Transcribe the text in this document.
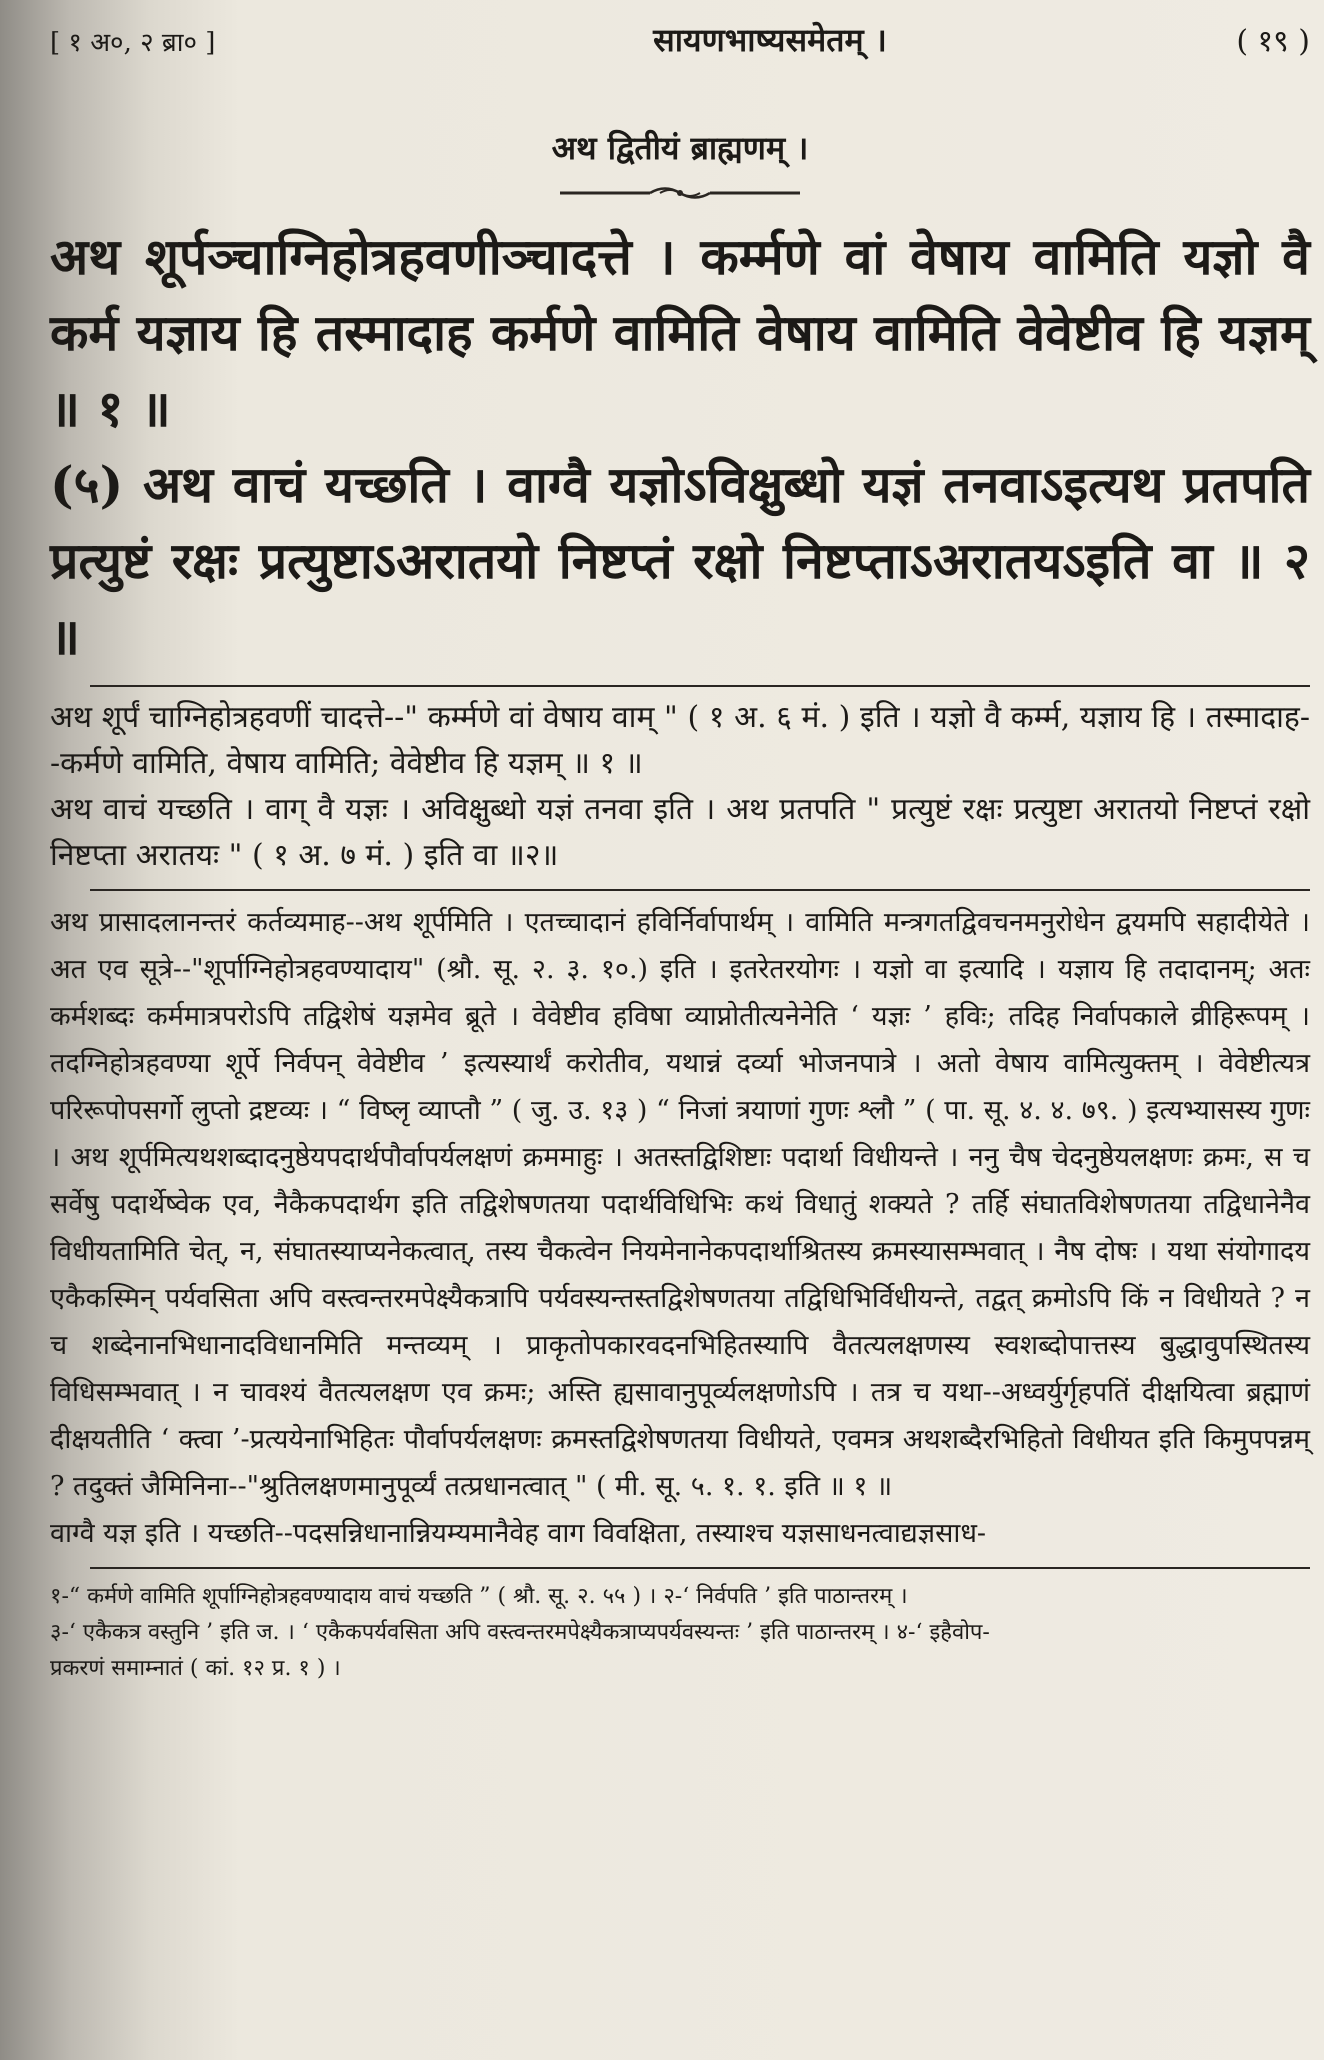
[ १ अ०, २ ब्रा० ]	सायणभाष्यसमेतम् ।	( १९ )
अथ द्वितीयं ब्राह्मणम् ।

अथ शूर्पञ्चाग्निहोत्रहवणीञ्चादत्ते । कर्म्मणे वां वेषाय वामिति यज्ञो वै कर्म यज्ञाय हि तस्मादाह कर्मणे वामिति वेषाय वामिति वेवेष्टीव हि यज्ञम् ॥ १ ॥

(५) अथ वाचं यच्छति । वाग्वै यज्ञोऽविक्षुब्धो यज्ञं तनवाऽइत्यथ प्रतपति प्रत्युष्टं रक्षः प्रत्युष्टाऽअरातयो निष्टप्तं रक्षो निष्टप्ताऽअरातयऽइति वा ॥ २ ॥

अथ शूर्पं चाग्निहोत्रहवणीं चादत्ते--" कर्म्मणे वां वेषाय वाम् " ( १ अ. ६ मं. ) इति । यज्ञो वै कर्म्म, यज्ञाय हि । तस्मादाह--कर्मणे वामिति, वेषाय वामिति; वेवेष्टीव हि यज्ञम् ॥ १ ॥

अथ वाचं यच्छति । वाग् वै यज्ञः । अविक्षुब्धो यज्ञं तनवा इति । अथ प्रतपति " प्रत्युष्टं रक्षः प्रत्युष्टा अरातयो निष्टप्तं रक्षो निष्टप्ता अरातयः " ( १ अ. ७ मं. ) इति वा ॥२॥

अथ प्रासादलानन्तरं कर्तव्यमाह--अथ शूर्पमिति । एतच्चादानं हविर्निर्वापार्थम् । वामिति मन्त्रगतद्विवचनमनुरोधेन द्वयमपि सहादीयेते । अत एव सूत्रे--"शूर्पाग्निहोत्रहवण्यादाय" (श्रौ. सू. २. ३. १०.) इति । इतरेतरयोगः । यज्ञो वा इत्यादि । यज्ञाय हि तदादानम्; अतः कर्मशब्दः कर्ममात्रपरोऽपि तद्विशेषं यज्ञमेव ब्रूते । वेवेष्टीव हविषा व्याप्नोतीत्यनेनेति ‘ यज्ञः ’ हविः; तदिह निर्वापकाले व्रीहिरूपम् । तदग्निहोत्रहवण्या शूर्पे निर्वपन् वेवेष्टीव ’ इत्यस्यार्थं करोतीव, यथान्नं दर्व्या भोजनपात्रे । अतो वेषाय वामित्युक्तम् । वेवेष्टीत्यत्र परिरूपोपसर्गो लुप्तो द्रष्टव्यः । “ विष्लृ व्याप्तौ ” ( जु. उ. १३ ) “ निजां त्रयाणां गुणः श्लौ ” ( पा. सू. ४. ४. ७९. ) इत्यभ्यासस्य गुणः । अथ शूर्पमित्यथशब्दादनुष्ठेयपदार्थपौर्वापर्यलक्षणं क्रममाहुः । अतस्तद्विशिष्टाः पदार्था विधीयन्ते । ननु चैष चेदनुष्ठेयलक्षणः क्रमः, स च सर्वेषु पदार्थेष्वेक एव, नैकैकपदार्थग इति तद्विशेषणतया पदार्थविधिभिः कथं विधातुं शक्यते ? तर्हि संघातविशेषणतया तद्विधानेनैव विधीयतामिति चेत्, न, संघातस्याप्यनेकत्वात्, तस्य चैकत्वेन नियमेनानेकपदार्थाश्रितस्य क्रमस्यासम्भवात् । नैष दोषः । यथा संयोगादय एकैकस्मिन् पर्यवसिता अपि वस्त्वन्तरमपेक्ष्यैकत्रापि पर्यवस्यन्तस्तद्विशेषणतया तद्विधिभिर्विधीयन्ते, तद्वत् क्रमोऽपि किं न विधीयते ? न च शब्देनानभिधानादविधानमिति मन्तव्यम् । प्राकृतोपकारवदनभिहितस्यापि वैतत्यलक्षणस्य स्वशब्दोपात्तस्य बुद्धावुपस्थितस्य विधिसम्भवात् । न चावश्यं वैतत्यलक्षण एव क्रमः; अस्ति ह्यसावानुपूर्व्यलक्षणोऽपि । तत्र च यथा--अध्वर्युर्गृहपतिं दीक्षयित्वा ब्रह्माणं दीक्षयतीति ‘ क्त्वा ’-प्रत्ययेनाभिहितः पौर्वापर्यलक्षणः क्रमस्तद्विशेषणतया विधीयते, एवमत्र अथशब्दैरभिहितो विधीयत इति किमुपपन्नम् ? तदुक्तं जैमिनिना--"श्रुतिलक्षणमानुपूर्व्यं तत्प्रधानत्वात् " ( मी. सू. ५. १. १. इति ॥ १ ॥

वाग्वै यज्ञ इति । यच्छति--पदसन्निधानान्नियम्यमानैवेह वाग विवक्षिता, तस्याश्च यज्ञसाधनत्वाद्यज्ञसाध-

१-“ कर्मणे वामिति शूर्पाग्निहोत्रहवण्यादाय वाचं यच्छति ” ( श्रौ. सू. २. ५५ ) । २-‘ निर्वपति ’ इति पाठान्तरम् ।

३-‘ एकैकत्र वस्तुनि ’ इति ज. । ‘ एकैकपर्यवसिता अपि वस्त्वन्तरमपेक्ष्यैकत्राप्यपर्यवस्यन्तः ’ इति पाठान्तरम् । ४-‘ इहैवोप-

प्रकरणं समाम्नातं ( कां. १२ प्र. १ ) ।
